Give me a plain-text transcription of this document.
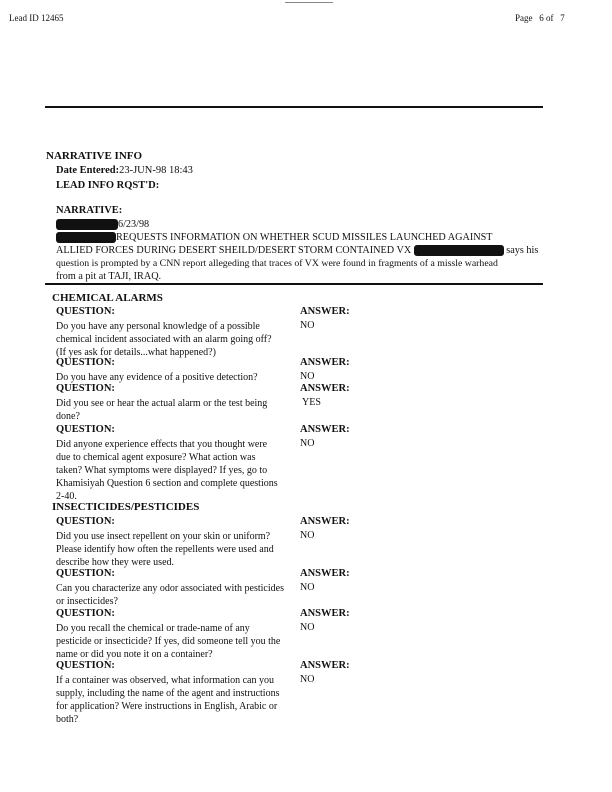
Lead ID 12465	Page   6 of   7
NARRATIVE INFO
Date Entered:23-JUN-98 18:43
LEAD INFO RQST'D:
NARRATIVE:
6/23/98
REQUESTS INFORMATION ON WHETHER SCUD MISSILES LAUNCHED AGAINST
ALLIED FORCES DURING DESERT SHEILD/DESERT STORM CONTAINED VX	says his
question is prompted by a CNN report allegeding that traces of VX were found in fragments of a missle warhead
from a pit at TAJI, IRAQ.
CHEMICAL ALARMS
QUESTION:	ANSWER:
Do you have any personal knowledge of a possible
chemical incident associated with an alarm going off?
(If yes ask for details...what happened?)
NO
QUESTION:	ANSWER:
Do you have any evidence of a positive detection?	NO
QUESTION:	ANSWER:
Did you see or hear the actual alarm or the test being
done?
YES
QUESTION:	ANSWER:
Did anyone experience effects that you thought were
due to chemical agent exposure? What action was
taken? What symptoms were displayed? If yes, go to
Khamisiyah Question 6 section and complete questions
2-40.
NO
INSECTICIDES/PESTICIDES
QUESTION:	ANSWER:
Did you use insect repellent on your skin or uniform?
Please identify how often the repellents were used and
describe how they were used.
NO
QUESTION:	ANSWER:
Can you characterize any odor associated with pesticides
or insecticides?
NO
QUESTION:	ANSWER:
Do you recall the chemical or trade-name of any
pesticide or insecticide? If yes, did someone tell you the
name or did you note it on a container?
NO
QUESTION:	ANSWER:
If a container was observed, what information can you
supply, including the name of the agent and instructions
for application? Were instructions in English, Arabic or
both?
NO
